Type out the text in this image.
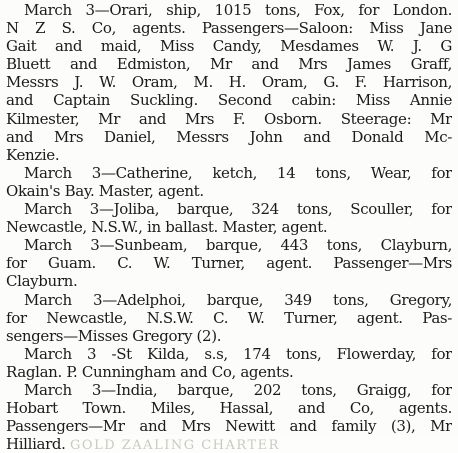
March 3—Orari, ship, 1015 tons, Fox, for London.
N Z S. Co, agents. Passengers—Saloon: Miss Jane
Gait and maid, Miss Candy, Mesdames W. J. G
Bluett and Edmiston, Mr and Mrs James Graff,
Messrs J. W. Oram, M. H. Oram, G. F. Harrison,
and Captain Suckling. Second cabin: Miss Annie
Kilmester, Mr and Mrs F. Osborn. Steerage: Mr
and Mrs Daniel, Messrs John and Donald Mc-
Kenzie.
March 3—Catherine, ketch, 14 tons, Wear, for
Okain's Bay. Master, agent.
March 3—Joliba, barque, 324 tons, Scouller, for
Newcastle, N.S.W., in ballast. Master, agent.
March 3—Sunbeam, barque, 443 tons, Clayburn,
for Guam. C. W. Turner, agent. Passenger—Mrs
Clayburn.
March 3—Adelphoi, barque, 349 tons, Gregory,
for Newcastle, N.S.W. C. W. Turner, agent. Pas-
sengers—Misses Gregory (2).
March 3 -St Kilda, s.s, 174 tons, Flowerday, for
Raglan. P. Cunningham and Co, agents.
March 3—India, barque, 202 tons, Graigg, for
Hobart Town. Miles, Hassal, and Co, agents.
Passengers—Mr and Mrs Newitt and family (3), Mr
Hilliard. GOLD ZAALING CHARTER
